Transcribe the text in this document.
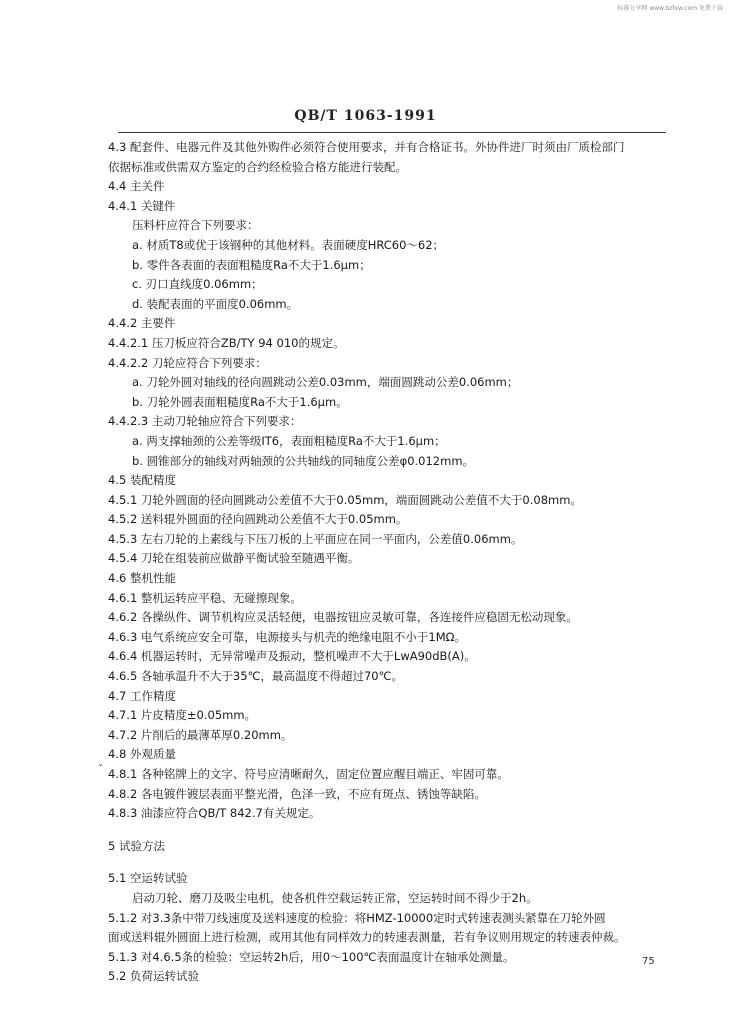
标准分享网 www.bzfxw.com 免费下载
QB/T 1063-1991
ˇ

4.3 配套件、电器元件及其他外购件必须符合使用要求，并有合格证书。外协件进厂时须由厂质检部门

依据标准或供需双方鉴定的合约经检验合格方能进行装配。

4.4 主关件

4.4.1 关键件

压料杆应符合下列要求：

a. 材质T8或优于该钢种的其他材料。表面硬度HRC60～62；

b. 零件各表面的表面粗糙度Ra不大于1.6μm；

c. 刃口直线度0.06mm；

d. 装配表面的平面度0.06mm。

4.4.2 主要件

4.4.2.1 压刀板应符合ZB/TY 94 010的规定。

4.4.2.2 刀轮应符合下列要求：

a. 刀轮外圆对轴线的径向圆跳动公差0.03mm，端面圆跳动公差0.06mm；

b. 刀轮外圆表面粗糙度Ra不大于1.6μm。

4.4.2.3 主动刀轮轴应符合下列要求：

a. 两支撑轴颈的公差等级IT6，表面粗糙度Ra不大于1.6μm；

b. 圆锥部分的轴线对两轴颈的公共轴线的同轴度公差φ0.012mm。

4.5 装配精度

4.5.1 刀轮外圆面的径向圆跳动公差值不大于0.05mm，端面圆跳动公差值不大于0.08mm。

4.5.2 送料辊外圆面的径向圆跳动公差值不大于0.05mm。

4.5.3 左右刀轮的上素线与下压刀板的上平面应在同一平面内，公差值0.06mm。

4.5.4 刀轮在组装前应做静平衡试验至随遇平衡。

4.6 整机性能

4.6.1 整机运转应平稳、无碰擦现象。

4.6.2 各操纵件、调节机构应灵活轻便，电器按钮应灵敏可靠，各连接件应稳固无松动现象。

4.6.3 电气系统应安全可靠，电源接头与机壳的绝缘电阻不小于1MΩ。

4.6.4 机器运转时，无异常噪声及振动，整机噪声不大于LwA90dB(A)。

4.6.5 各轴承温升不大于35℃，最高温度不得超过70℃。

4.7 工作精度

4.7.1 片皮精度±0.05mm。

4.7.2 片削后的最薄革厚0.20mm。

4.8 外观质量

4.8.1 各种铭牌上的文字、符号应清晰耐久，固定位置应醒目端正、牢固可靠。

4.8.2 各电镀件镀层表面平整光滑，色泽一致，不应有斑点、锈蚀等缺陷。

4.8.3 油漆应符合QB/T 842.7有关规定。

5 试验方法

5.1 空运转试验

启动刀轮、磨刀及吸尘电机，使各机件空载运转正常，空运转时间不得少于2h。

5.1.2 对3.3条中带刀线速度及送料速度的检验：将HMZ-10000定时式转速表测头紧靠在刀轮外圆

面或送料辊外圆面上进行检测，或用其他有同样效力的转速表测量，若有争议则用规定的转速表仲裁。

5.1.3 对4.6.5条的检验：空运转2h后，用0～100℃表面温度计在轴承处测量。

5.2 负荷运转试验

75
